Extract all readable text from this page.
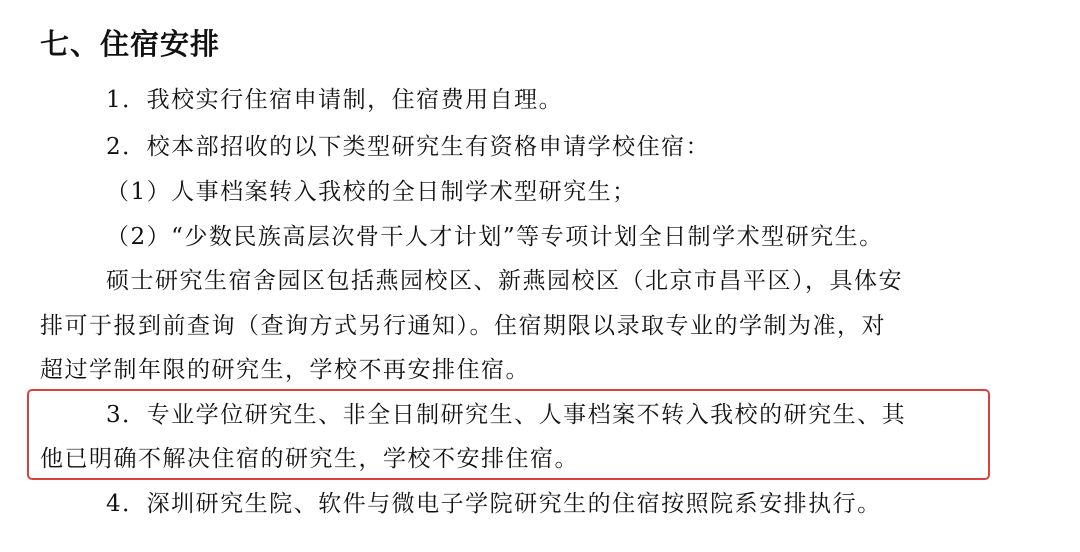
七、住宿安排
1．我校实行住宿申请制，住宿费用自理。
2．校本部招收的以下类型研究生有资格申请学校住宿：
（1）人事档案转入我校的全日制学术型研究生；
（2）“少数民族高层次骨干人才计划”等专项计划全日制学术型研究生。
硕士研究生宿舍园区包括燕园校区、新燕园校区（北京市昌平区），具体安
排可于报到前查询（查询方式另行通知）。住宿期限以录取专业的学制为准，对
超过学制年限的研究生，学校不再安排住宿。
3．专业学位研究生、非全日制研究生、人事档案不转入我校的研究生、其
他已明确不解决住宿的研究生，学校不安排住宿。
4．深圳研究生院、软件与微电子学院研究生的住宿按照院系安排执行。
